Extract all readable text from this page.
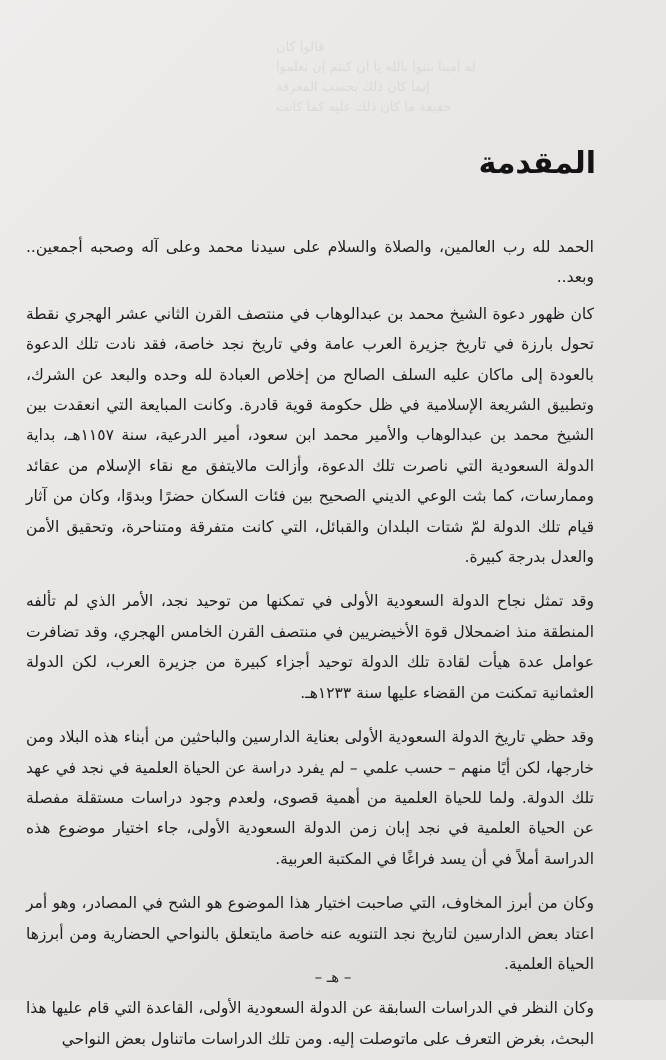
قالوا كان
له أمينا بتنوا بالله يا ان كنتم إن تعلموا
إنما كان ذلك بحسب المعرفة
حقيقة ما كان ذلك عليه كما كانت
المقدمة

الحمد لله رب العالمين، والصلاة والسلام على سيدنا محمد وعلى آله وصحبه أجمعين.. وبعد..

كان ظهور دعوة الشيخ محمد بن عبدالوهاب في منتصف القرن الثاني عشر الهجري نقطة تحول بارزة في تاريخ جزيرة العرب عامة وفي تاريخ نجد خاصة، فقد نادت تلك الدعوة بالعودة إلى ماكان عليه السلف الصالح من إخلاص العبادة لله وحده والبعد عن الشرك، وتطبيق الشريعة الإسلامية في ظل حكومة قوية قادرة. وكانت المبايعة التي انعقدت بين الشيخ محمد بن عبدالوهاب والأمير محمد ابن سعود، أمير الدرعية، سنة ١١٥٧هـ، بداية الدولة السعودية التي ناصرت تلك الدعوة، وأزالت مالايتفق مع نقاء الإسلام من عقائد وممارسات، كما بثت الوعي الديني الصحيح بين فئات السكان حضرًا وبدوًا، وكان من آثار قيام تلك الدولة لمّ شتات البلدان والقبائل، التي كانت متفرقة ومتناحرة، وتحقيق الأمن والعدل بدرجة كبيرة.

وقد تمثل نجاح الدولة السعودية الأولى في تمكنها من توحيد نجد، الأمر الذي لم تألفه المنطقة منذ اضمحلال قوة الأخيضريين في منتصف القرن الخامس الهجري، وقد تضافرت عوامل عدة هيأت لقادة تلك الدولة توحيد أجزاء كبيرة من جزيرة العرب، لكن الدولة العثمانية تمكنت من القضاء عليها سنة ١٢٣٣هـ.

وقد حظي تاريخ الدولة السعودية الأولى بعناية الدارسين والباحثين من أبناء هذه البلاد ومن خارجها، لكن أيًا منهم – حسب علمي – لم يفرد دراسة عن الحياة العلمية في نجد في عهد تلك الدولة. ولما للحياة العلمية من أهمية قصوى، ولعدم وجود دراسات مستقلة مفصلة عن الحياة العلمية في نجد إبان زمن الدولة السعودية الأولى، جاء اختيار موضوع هذه الدراسة أملاً في أن يسد فراغًا في المكتبة العربية.

وكان من أبرز المخاوف، التي صاحبت اختيار هذا الموضوع هو الشح في المصادر، وهو أمر اعتاد بعض الدارسين لتاريخ نجد التنويه عنه خاصة مايتعلق بالنواحي الحضارية ومن أبرزها الحياة العلمية.

وكان النظر في الدراسات السابقة عن الدولة السعودية الأولى، القاعدة التي قام عليها هذا البحث، بغرض التعرف على ماتوصلت إليه. ومن تلك الدراسات ماتناول بعض النواحي

– هـ –
